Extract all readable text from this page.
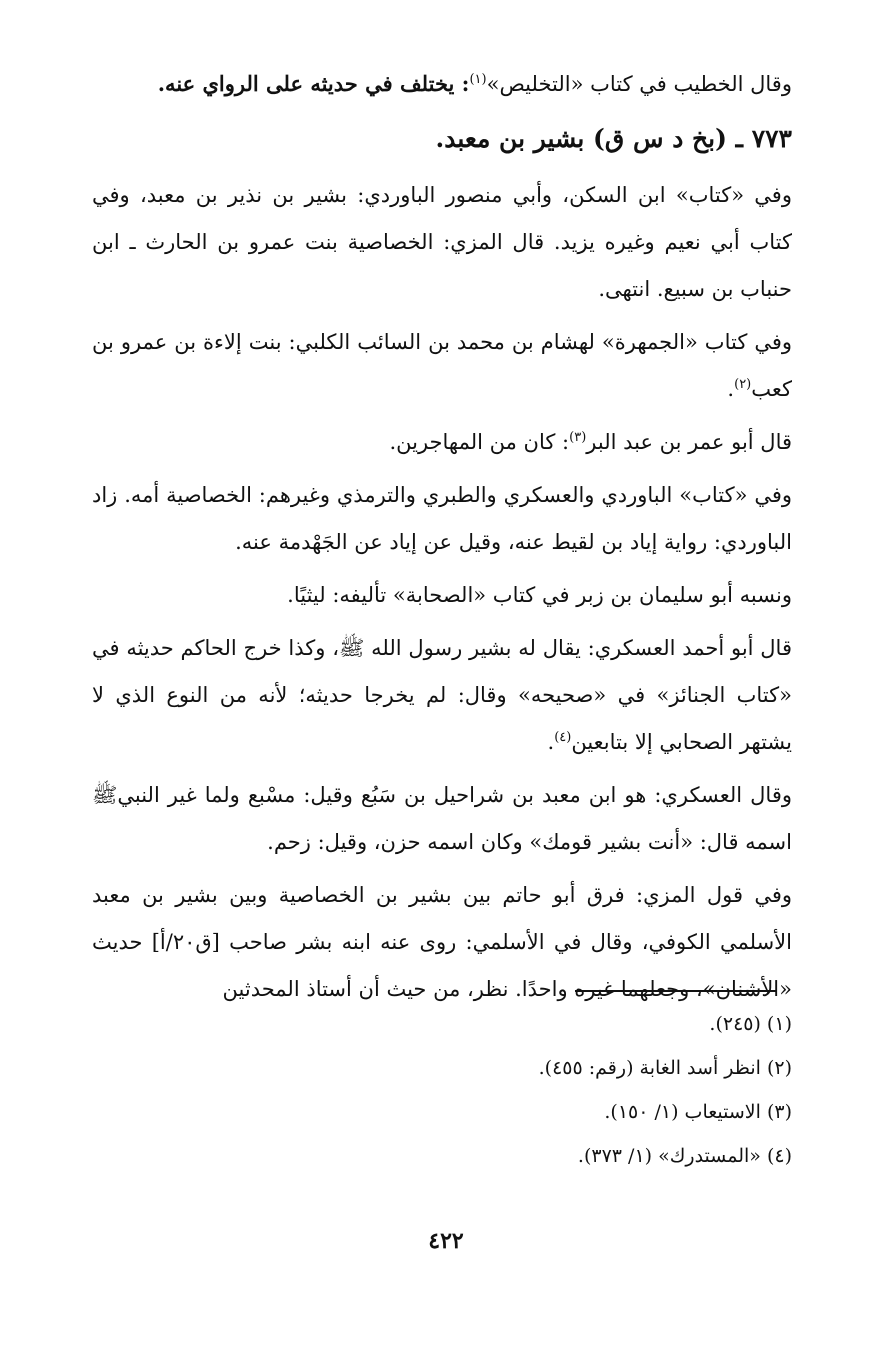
وقال الخطيب في كتاب «التخليص»$^{(١)}$: يختلف في حديثه على الرواي عنه.

٧٧٣ ـ (بخ د س ق) بشير بن معبد.

وفي «كتاب» ابن السكن، وأبي منصور الباوردي: بشير بن نذير بن معبد، وفي كتاب أبي نعيم وغيره يزيد. قال المزي: الخصاصية بنت عمرو بن الحارث ـ ابن حنباب بن سبيع. انتهى.

وفي كتاب «الجمهرة» لهشام بن محمد بن السائب الكلبي: بنت إلاءة بن عمرو بن كعب$^{(٢)}$.

قال أبو عمر بن عبد البر$^{(٣)}$: كان من المهاجرين.

وفي «كتاب» الباوردي والعسكري والطبري والترمذي وغيرهم: الخصاصية أمه. زاد الباوردي: رواية إياد بن لقيط عنه، وقيل عن إياد عن الجَهْدمة عنه.

ونسبه أبو سليمان بن زبر في كتاب «الصحابة» تأليفه: ليثيًا.

قال أبو أحمد العسكري: يقال له بشير رسول الله ﷺ، وكذا خرج الحاكم حديثه في «كتاب الجنائز» في «صحيحه» وقال: لم يخرجا حديثه؛ لأنه من النوع الذي لا يشتهر الصحابي إلا بتابعين$^{(٤)}$.

وقال العسكري: هو ابن معبد بن شراحيل بن سَبُع وقيل: مسْبع ولما غير النبيﷺ اسمه قال: «أنت بشير قومك» وكان اسمه حزن، وقيل: زحم.

وفي قول المزي: فرق أبو حاتم بين بشير بن الخصاصية وبين بشير بن معبد الأسلمي الكوفي، وقال في الأسلمي: روى عنه ابنه بشر صاحب [ق٢٠/أ] حديث «الأشنان»، وجعلهما غيره واحدًا. نظر، من حيث أن أستاذ المحدثين

(١) (٢٤٥).
(٢) انظر أسد الغابة (رقم: ٤٥٥).
(٣) الاستيعاب (١/ ١٥٠).
(٤) «المستدرك» (١/ ٣٧٣).
٤٢٢
